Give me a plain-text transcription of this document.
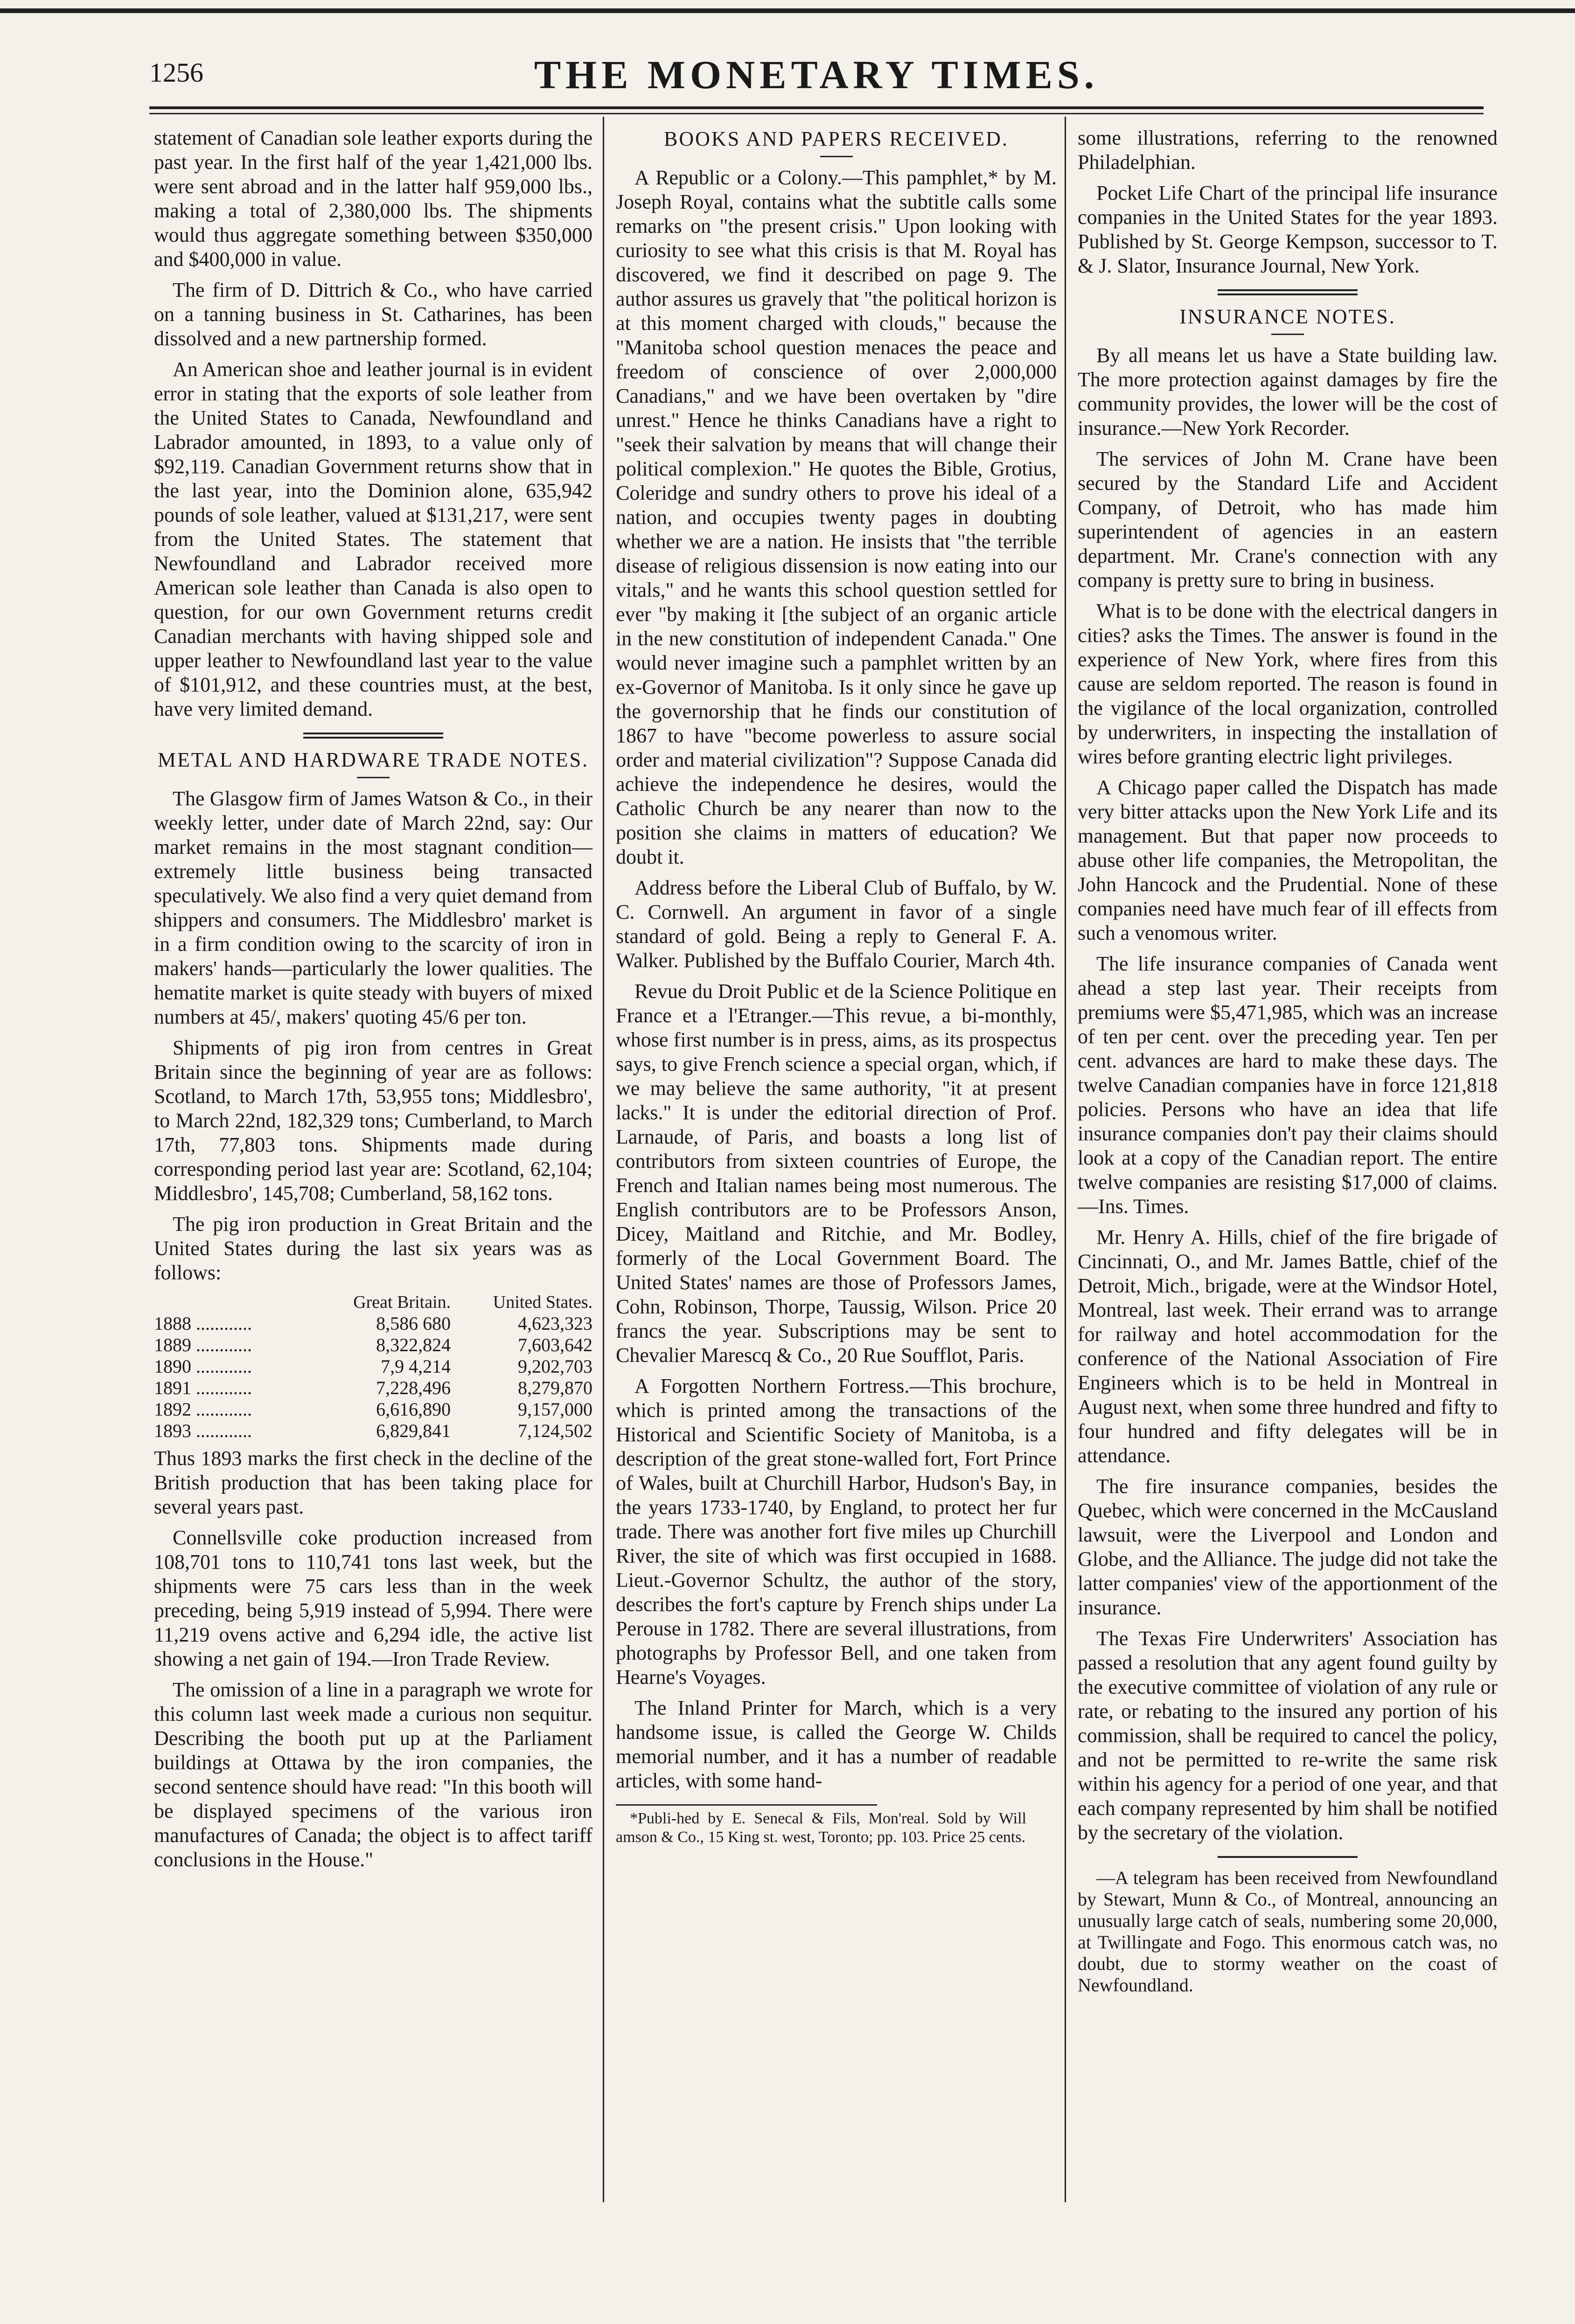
1256	THE MONETARY TIMES.

statement of Canadian sole leather exports during the past year. In the first half of the year 1,421,000 lbs. were sent abroad and in the latter half 959,000 lbs., making a total of 2,380,000 lbs. The shipments would thus aggregate something between $350,000 and $400,000 in value.

The firm of D. Dittrich & Co., who have carried on a tanning business in St. Catharines, has been dissolved and a new partnership formed.

An American shoe and leather journal is in evident error in stating that the exports of sole leather from the United States to Canada, Newfoundland and Labrador amounted, in 1893, to a value only of $92,119. Canadian Government returns show that in the last year, into the Dominion alone, 635,942 pounds of sole leather, valued at $131,217, were sent from the United States. The statement that Newfoundland and Labrador received more American sole leather than Canada is also open to question, for our own Government returns credit Canadian merchants with having shipped sole and upper leather to Newfoundland last year to the value of $101,912, and these countries must, at the best, have very limited demand.

METAL AND HARDWARE TRADE NOTES.

The Glasgow firm of James Watson & Co., in their weekly letter, under date of March 22nd, say: Our market remains in the most stagnant condition—extremely little business being transacted speculatively. We also find a very quiet demand from shippers and consumers. The Middlesbro' market is in a firm condition owing to the scarcity of iron in makers' hands—particularly the lower qualities. The hematite market is quite steady with buyers of mixed numbers at 45/, makers' quoting 45/6 per ton.

Shipments of pig iron from centres in Great Britain since the beginning of year are as follows: Scotland, to March 17th, 53,955 tons; Middlesbro', to March 22nd, 182,329 tons; Cumberland, to March 17th, 77,803 tons. Shipments made during corresponding period last year are: Scotland, 62,104; Middlesbro', 145,708; Cumberland, 58,162 tons.

The pig iron production in Great Britain and the United States during the last six years was as follows:

	Great Britain.	United States.
1888 ............	8,586 680	4,623,323
1889 ............	8,322,824	7,603,642
1890 ............	7,9 4,214	9,202,703
1891 ............	7,228,496	8,279,870
1892 ............	6,616,890	9,157,000
1893 ............	6,829,841	7,124,502

Thus 1893 marks the first check in the decline of the British production that has been taking place for several years past.

Connellsville coke production increased from 108,701 tons to 110,741 tons last week, but the shipments were 75 cars less than in the week preceding, being 5,919 instead of 5,994. There were 11,219 ovens active and 6,294 idle, the active list showing a net gain of 194.—Iron Trade Review.

The omission of a line in a paragraph we wrote for this column last week made a curious non sequitur. Describing the booth put up at the Parliament buildings at Ottawa by the iron companies, the second sentence should have read: "In this booth will be displayed specimens of the various iron manufactures of Canada; the object is to affect tariff conclusions in the House."

BOOKS AND PAPERS RECEIVED.

A Republic or a Colony.—This pamphlet,* by M. Joseph Royal, contains what the subtitle calls some remarks on "the present crisis." Upon looking with curiosity to see what this crisis is that M. Royal has discovered, we find it described on page 9. The author assures us gravely that "the political horizon is at this moment charged with clouds," because the "Manitoba school question menaces the peace and freedom of conscience of over 2,000,000 Canadians," and we have been overtaken by "dire unrest." Hence he thinks Canadians have a right to "seek their salvation by means that will change their political complexion." He quotes the Bible, Grotius, Coleridge and sundry others to prove his ideal of a nation, and occupies twenty pages in doubting whether we are a nation. He insists that "the terrible disease of religious dissension is now eating into our vitals," and he wants this school question settled for ever "by making it [the subject of an organic article in the new constitution of independent Canada." One would never imagine such a pamphlet written by an ex-Governor of Manitoba. Is it only since he gave up the governorship that he finds our constitution of 1867 to have "become powerless to assure social order and material civilization"? Suppose Canada did achieve the independence he desires, would the Catholic Church be any nearer than now to the position she claims in matters of education? We doubt it.

Address before the Liberal Club of Buffalo, by W. C. Cornwell. An argument in favor of a single standard of gold. Being a reply to General F. A. Walker. Published by the Buffalo Courier, March 4th.

Revue du Droit Public et de la Science Politique en France et a l'Etranger.—This revue, a bi-monthly, whose first number is in press, aims, as its prospectus says, to give French science a special organ, which, if we may believe the same authority, "it at present lacks." It is under the editorial direction of Prof. Larnaude, of Paris, and boasts a long list of contributors from sixteen countries of Europe, the French and Italian names being most numerous. The English contributors are to be Professors Anson, Dicey, Maitland and Ritchie, and Mr. Bodley, formerly of the Local Government Board. The United States' names are those of Professors James, Cohn, Robinson, Thorpe, Taussig, Wilson. Price 20 francs the year. Subscriptions may be sent to Chevalier Marescq & Co., 20 Rue Soufflot, Paris.

A Forgotten Northern Fortress.—This brochure, which is printed among the transactions of the Historical and Scientific Society of Manitoba, is a description of the great stone-walled fort, Fort Prince of Wales, built at Churchill Harbor, Hudson's Bay, in the years 1733-1740, by England, to protect her fur trade. There was another fort five miles up Churchill River, the site of which was first occupied in 1688. Lieut.-Governor Schultz, the author of the story, describes the fort's capture by French ships under La Perouse in 1782. There are several illustrations, from photographs by Professor Bell, and one taken from Hearne's Voyages.

The Inland Printer for March, which is a very handsome issue, is called the George W. Childs memorial number, and it has a number of readable articles, with some hand-

*Publi-hed by E. Senecal & Fils, Mon'real. Sold by Will amson & Co., 15 King st. west, Toronto; pp. 103. Price 25 cents.

some illustrations, referring to the renowned Philadelphian.

Pocket Life Chart of the principal life insurance companies in the United States for the year 1893. Published by St. George Kempson, successor to T. & J. Slator, Insurance Journal, New York.

INSURANCE NOTES.

By all means let us have a State building law. The more protection against damages by fire the community provides, the lower will be the cost of insurance.—New York Recorder.

The services of John M. Crane have been secured by the Standard Life and Accident Company, of Detroit, who has made him superintendent of agencies in an eastern department. Mr. Crane's connection with any company is pretty sure to bring in business.

What is to be done with the electrical dangers in cities? asks the Times. The answer is found in the experience of New York, where fires from this cause are seldom reported. The reason is found in the vigilance of the local organization, controlled by underwriters, in inspecting the installation of wires before granting electric light privileges.

A Chicago paper called the Dispatch has made very bitter attacks upon the New York Life and its management. But that paper now proceeds to abuse other life companies, the Metropolitan, the John Hancock and the Prudential. None of these companies need have much fear of ill effects from such a venomous writer.

The life insurance companies of Canada went ahead a step last year. Their receipts from premiums were $5,471,985, which was an increase of ten per cent. over the preceding year. Ten per cent. advances are hard to make these days. The twelve Canadian companies have in force 121,818 policies. Persons who have an idea that life insurance companies don't pay their claims should look at a copy of the Canadian report. The entire twelve companies are resisting $17,000 of claims.—Ins. Times.

Mr. Henry A. Hills, chief of the fire brigade of Cincinnati, O., and Mr. James Battle, chief of the Detroit, Mich., brigade, were at the Windsor Hotel, Montreal, last week. Their errand was to arrange for railway and hotel accommodation for the conference of the National Association of Fire Engineers which is to be held in Montreal in August next, when some three hundred and fifty to four hundred and fifty delegates will be in attendance.

The fire insurance companies, besides the Quebec, which were concerned in the McCausland lawsuit, were the Liverpool and London and Globe, and the Alliance. The judge did not take the latter companies' view of the apportionment of the insurance.

The Texas Fire Underwriters' Association has passed a resolution that any agent found guilty by the executive committee of violation of any rule or rate, or rebating to the insured any portion of his commission, shall be required to cancel the policy, and not be permitted to re-write the same risk within his agency for a period of one year, and that each company represented by him shall be notified by the secretary of the violation.

—A telegram has been received from Newfoundland by Stewart, Munn & Co., of Montreal, announcing an unusually large catch of seals, numbering some 20,000, at Twillingate and Fogo. This enormous catch was, no doubt, due to stormy weather on the coast of Newfoundland.
